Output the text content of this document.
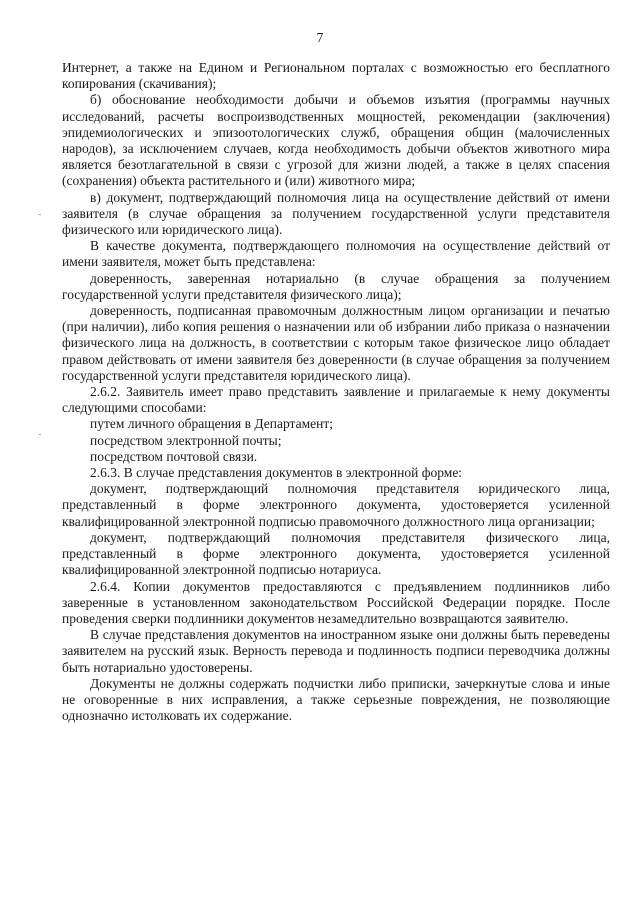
7
-
-

Интернет, а также на Едином и Региональном порталах с возможностью его бесплатного копирования (скачивания);

б) обоснование необходимости добычи и объемов изъятия (программы научных исследований, расчеты воспроизводственных мощностей, рекомендации (заключения) эпидемиологических и эпизоотологических служб, обращения общин (малочисленных народов), за исключением случаев, когда необходимость добычи объектов животного мира является безотлагательной в связи с угрозой для жизни людей, а также в целях спасения (сохранения) объекта растительного и (или) животного мира;

в) документ, подтверждающий полномочия лица на осуществление действий от имени заявителя (в случае обращения за получением государственной услуги представителя физического или юридического лица).

В качестве документа, подтверждающего полномочия на осуществление действий от имени заявителя, может быть представлена:

доверенность, заверенная нотариально (в случае обращения за получением государственной услуги представителя физического лица);

доверенность, подписанная правомочным должностным лицом организации и печатью (при наличии), либо копия решения о назначении или об избрании либо приказа о назначении физического лица на должность, в соответствии с которым такое физическое лицо обладает правом действовать от имени заявителя без доверенности (в случае обращения за получением государственной услуги представителя юридического лица).

2.6.2. Заявитель имеет право представить заявление и прилагаемые к нему документы следующими способами:

путем личного обращения в Департамент;

посредством электронной почты;

посредством почтовой связи.

2.6.3. В случае представления документов в электронной форме:

документ, подтверждающий полномочия представителя юридического лица, представленный в форме электронного документа, удостоверяется усиленной квалифицированной электронной подписью правомочного должностного лица организации;

документ, подтверждающий полномочия представителя физического лица, представленный в форме электронного документа, удостоверяется усиленной квалифицированной электронной подписью нотариуса.

2.6.4. Копии документов предоставляются с предъявлением подлинников либо заверенные в установленном законодательством Российской Федерации порядке. После проведения сверки подлинники документов незамедлительно возвращаются заявителю.

В случае представления документов на иностранном языке они должны быть переведены заявителем на русский язык. Верность перевода и подлинность подписи переводчика должны быть нотариально удостоверены.

Документы не должны содержать подчистки либо приписки, зачеркнутые слова и иные не оговоренные в них исправления, а также серьезные повреждения, не позволяющие однозначно истолковать их содержание.
